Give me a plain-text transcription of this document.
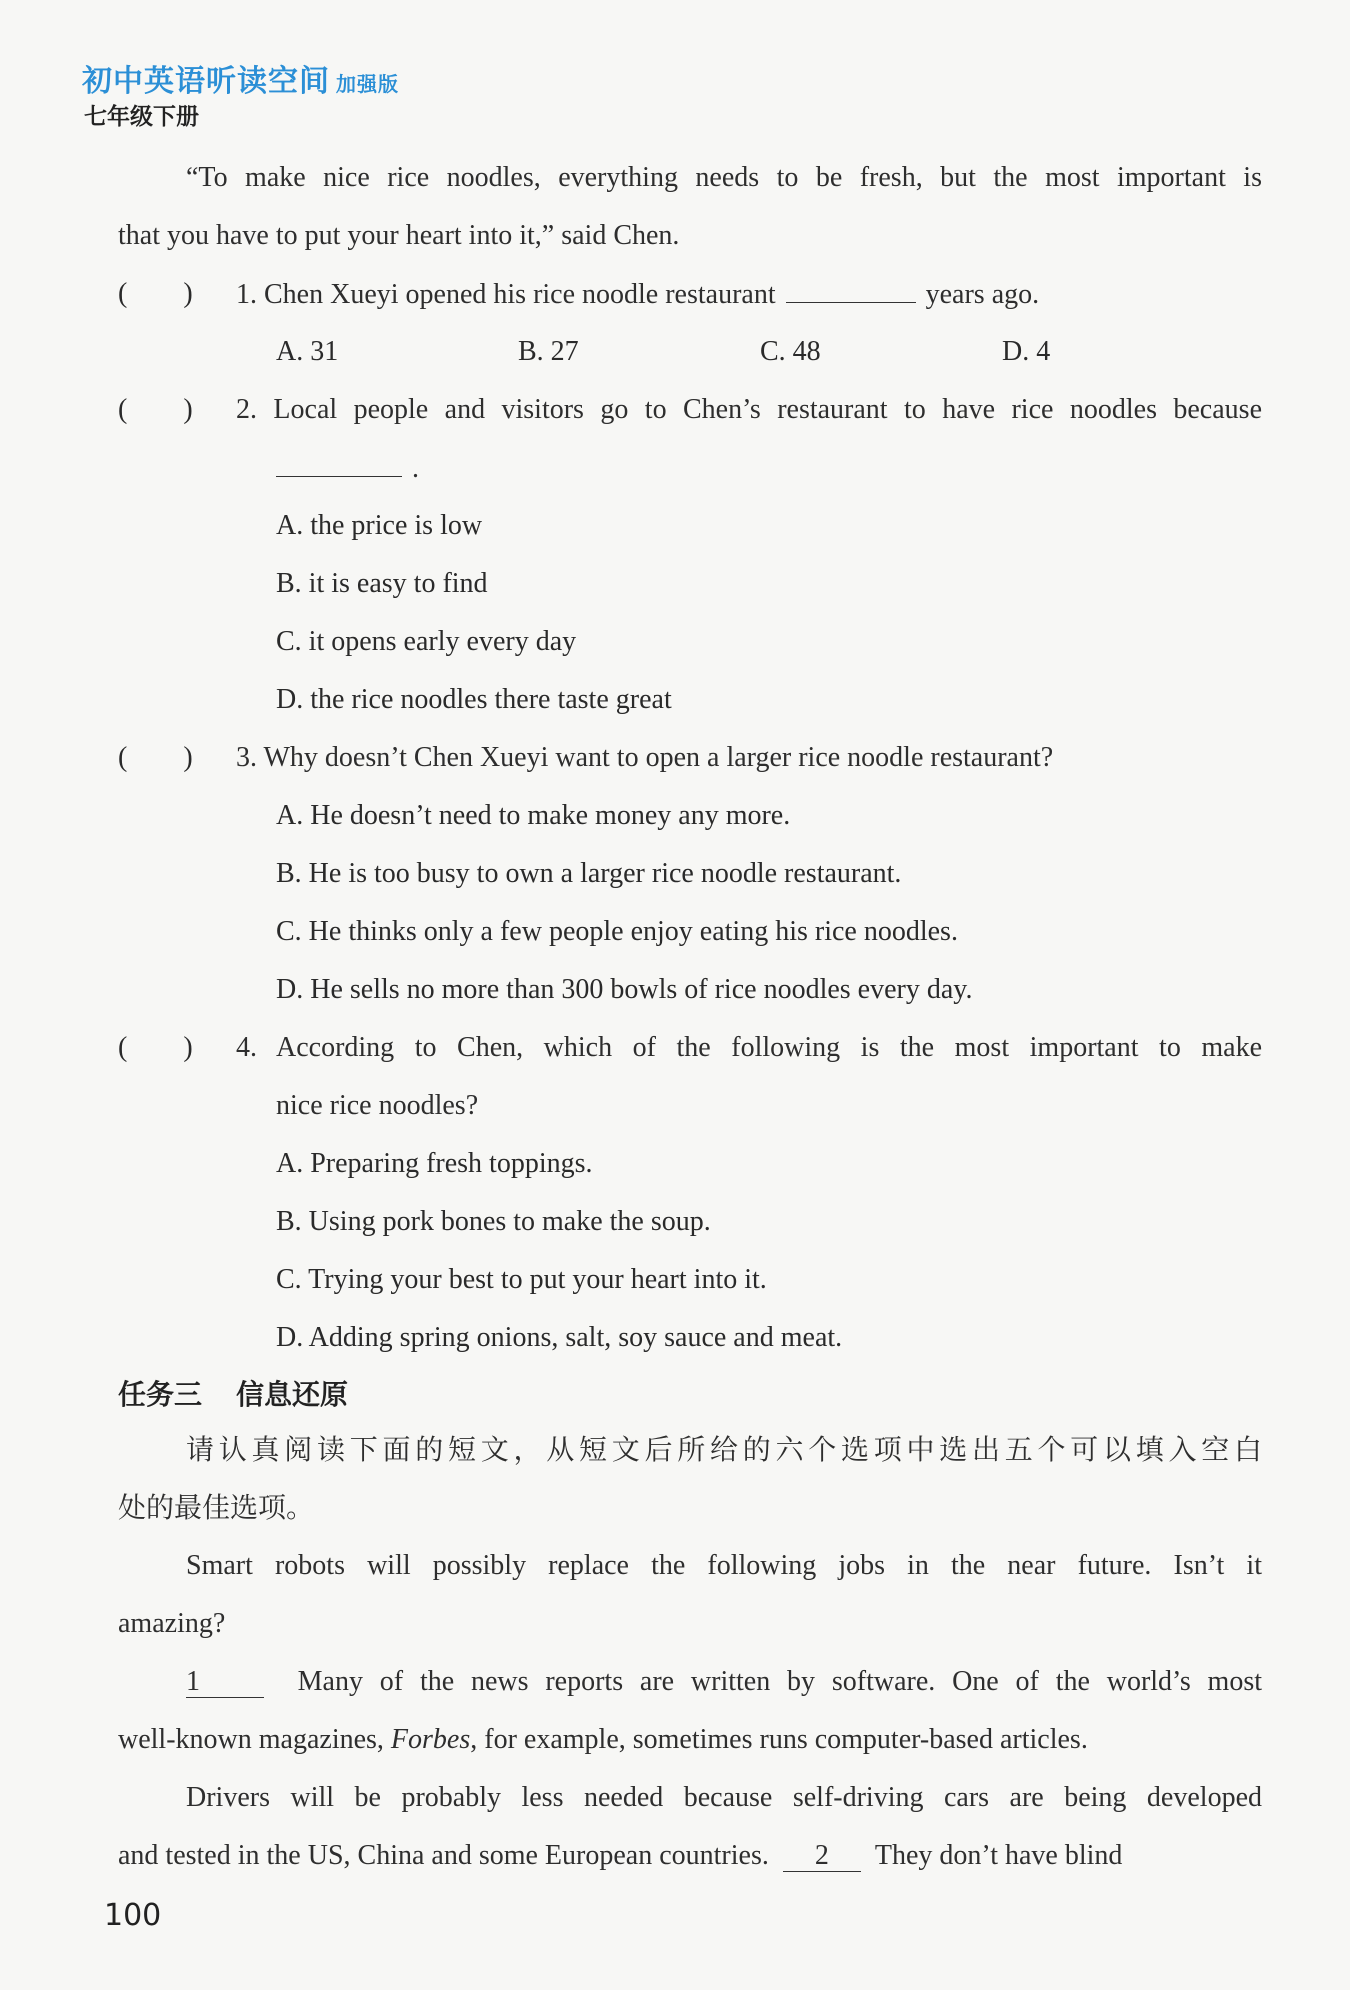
初中英语听读空间 加强版
七年级下册
“To make nice rice noodles, everything needs to be fresh, but the most important is
that you have to put your heart into it,” said Chen.
(　　) 1. Chen Xueyi opened his rice noodle restaurant	years ago.
A. 31	B. 27	C. 48	D. 4
(　　) 2. Local people and visitors go to Chen’s restaurant to have rice noodles because
.
A. the price is low
B. it is easy to find
C. it opens early every day
D. the rice noodles there taste great
(　　) 3. Why doesn’t Chen Xueyi want to open a larger rice noodle restaurant?
A. He doesn’t need to make money any more.
B. He is too busy to own a larger rice noodle restaurant.
C. He thinks only a few people enjoy eating his rice noodles.
D. He sells no more than 300 bowls of rice noodles every day.
(　　) 4. According to Chen, which of the following is the most important to make
nice rice noodles?
A. Preparing fresh toppings.
B. Using pork bones to make the soup.
C. Trying your best to put your heart into it.
D. Adding spring onions, salt, soy sauce and meat.
任务三 信息还原
请认真阅读下面的短文，从短文后所给的六个选项中选出五个可以填入空白
处的最佳选项。
Smart robots will possibly replace the following jobs in the near future. Isn’t it
amazing?
1	Many of the news reports are written by software. One of the world’s most
well-known magazines, Forbes, for example, sometimes runs computer-based articles.
Drivers will be probably less needed because self-driving cars are being developed
and tested in the US, China and some European countries. 2 They don’t have blind
100
